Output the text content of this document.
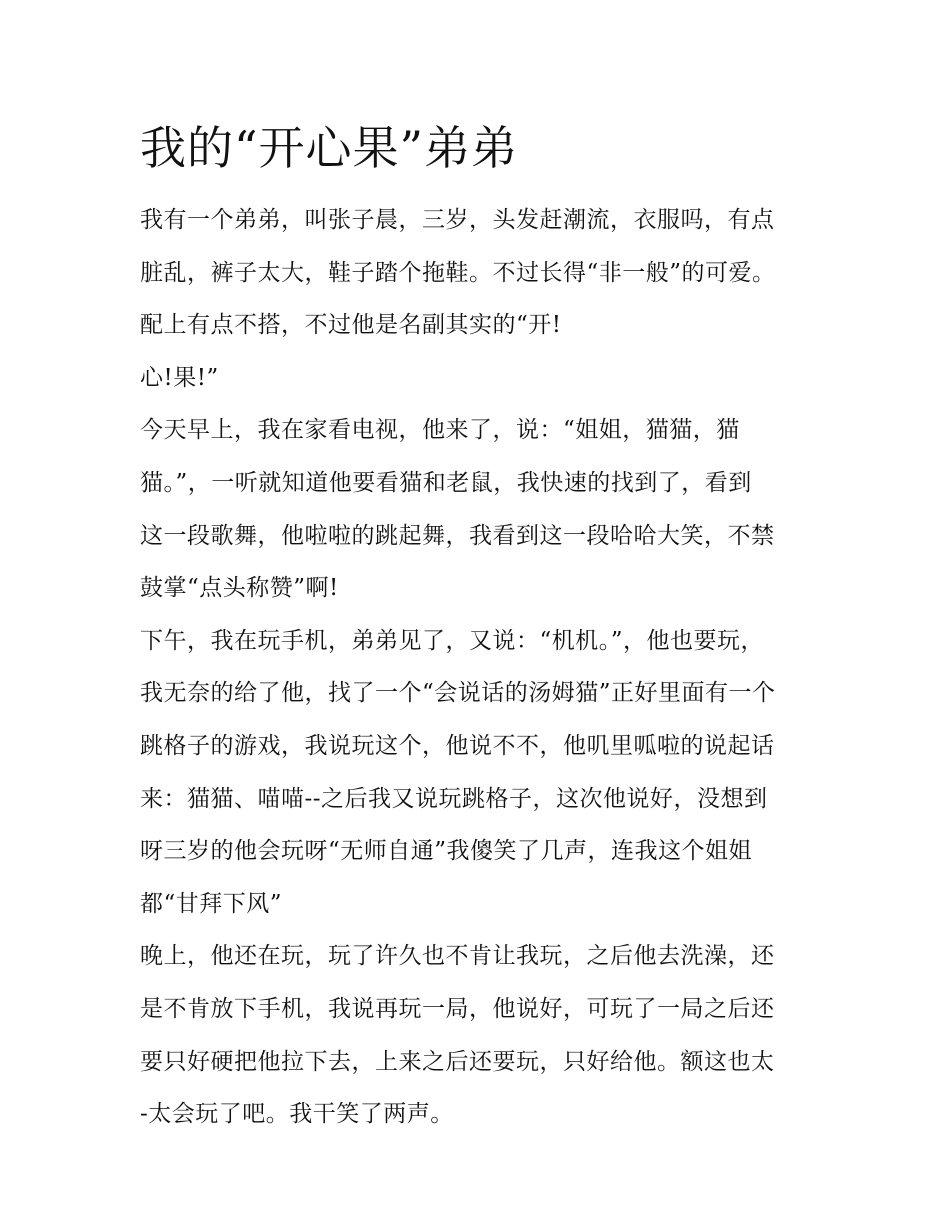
我的“开心果”弟弟
我有一个弟弟，叫张子晨，三岁，头发赶潮流，衣服吗，有点
脏乱，裤子太大，鞋子踏个拖鞋。不过长得“非一般”的可爱。
配上有点不搭，不过他是名副其实的“开!
心!果!”
今天早上，我在家看电视，他来了，说：“姐姐，猫猫，猫
猫。”，一听就知道他要看猫和老鼠，我快速的找到了，看到
这一段歌舞，他啦啦的跳起舞，我看到这一段哈哈大笑，不禁
鼓掌“点头称赞”啊!
下午，我在玩手机，弟弟见了，又说：“机机。”，他也要玩，
我无奈的给了他，找了一个“会说话的汤姆猫”正好里面有一个
跳格子的游戏，我说玩这个，他说不不，他叽里呱啦的说起话
来：猫猫、喵喵--之后我又说玩跳格子，这次他说好，没想到
呀三岁的他会玩呀“无师自通”我傻笑了几声，连我这个姐姐
都“甘拜下风”
晚上，他还在玩，玩了许久也不肯让我玩，之后他去洗澡，还
是不肯放下手机，我说再玩一局，他说好，可玩了一局之后还
要只好硬把他拉下去，上来之后还要玩，只好给他。额这也太
-太会玩了吧。我干笑了两声。
